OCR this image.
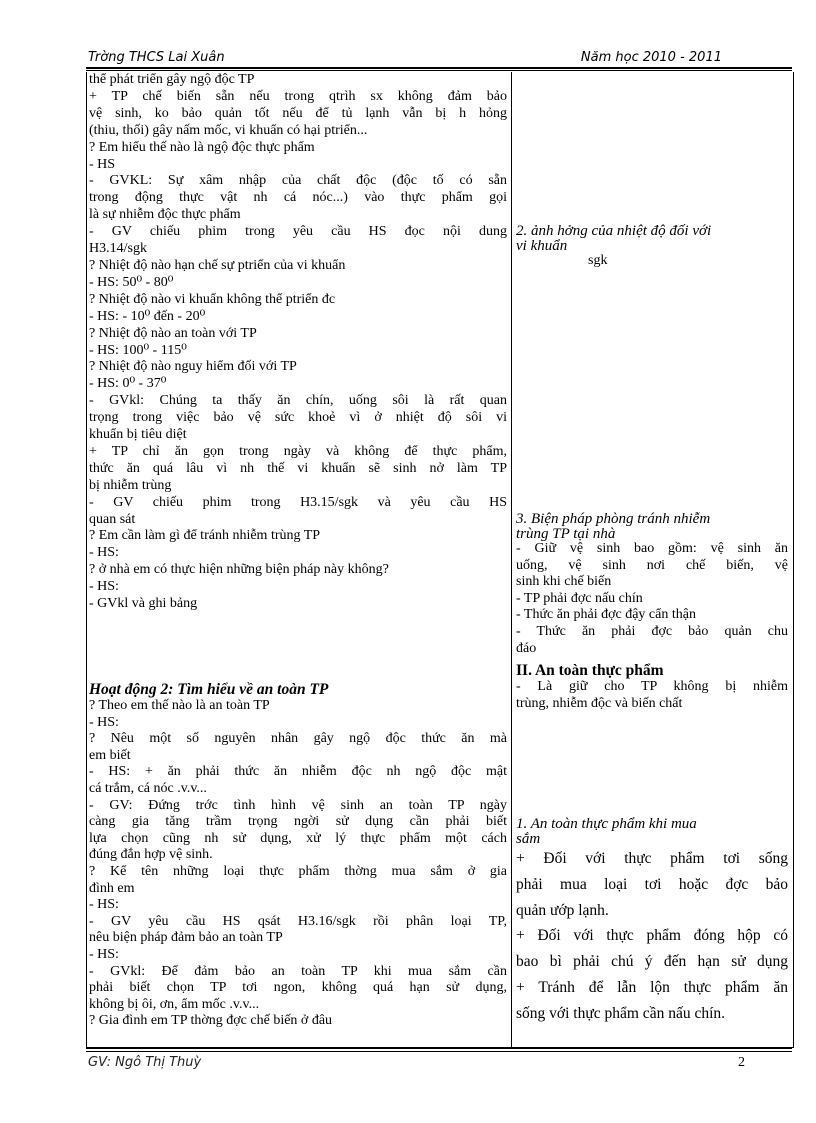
Trờng THCS Lai Xuân	Năm học 2010 - 2011
thể phát triển gây ngộ độc TP
+ TP chế biến sẵn nếu trong qtrìh sx không đảm bảo
vệ sinh, ko bảo quản tốt nếu để tủ lạnh vẫn bị h hỏng
(thiu, thối) gây nấm mốc, vi khuẩn có hại ptriển...
? Em hiểu thế nào là ngộ độc thực phẩm
- HS
- GVKL: Sự xâm nhập của chất độc (độc tố có sẵn
trong động thực vật nh cá nóc...) vào thực phẩm gọi
là sự nhiễm độc thực phẩm
- GV chiếu phim trong yêu cầu HS đọc nội dung
H3.14/sgk
? Nhiệt độ nào hạn chế sự ptriển của vi khuẩn
- HS: 50⁰ - 80⁰
? Nhiệt độ nào vi khuẩn không thể ptriển đc
- HS: - 10⁰ đến - 20⁰
? Nhiệt độ nào an toàn với TP
- HS: 100⁰ - 115⁰
? Nhiệt độ nào nguy hiểm đối với TP
- HS: 0⁰ - 37⁰
- GVkl: Chúng ta thấy ăn chín, uống sôi là rất quan
trọng trong việc bảo vệ sức khoẻ vì ở nhiệt độ sôi vi
khuẩn bị tiêu diệt
+ TP chỉ ăn gọn trong ngày và không để thực phẩm,
thức ăn quá lâu vì nh thế vi khuẩn sẽ sinh nở làm TP
bị nhiễm trùng
- GV chiếu phim trong H3.15/sgk và yêu cầu HS
quan sát
? Em cần làm gì để tránh nhiễm trùng TP
- HS:
? ở nhà em có thực hiện những biện pháp này không?
- HS:
- GVkl và ghi bảng
Hoạt động 2: Tìm hiểu về an toàn TP
? Theo em thế nào là an toàn TP
- HS:
? Nêu một số nguyên nhân gây ngộ độc thức ăn mà
em biết
- HS: + ăn phải thức ăn nhiễm độc nh ngộ độc mật
cá trắm, cá nóc .v.v...
- GV: Đứng trớc tình hình vệ sinh an toàn TP ngày
càng gia tăng trầm trọng ngời sử dụng cần phải biết
lựa chọn cũng nh sử dụng, xử lý thực phẩm một cách
đúng đắn hợp vệ sinh.
? Kể tên những loại thực phẩm thờng mua sắm ở gia
đình em
- HS:
- GV yêu cầu HS qsát H3.16/sgk rồi phân loại TP,
nêu biện pháp đảm bảo an toàn TP
- HS:
- GVkl: Để đảm bảo an toàn TP khi mua sắm cần
phải biết chọn TP tơi ngon, không quá hạn sử dụng,
không bị ôi, ơn, ẩm mốc .v.v...
? Gia đình em TP thờng đợc chế biến ở đâu
2. ảnh hởng của nhiệt độ đối với
vi khuẩn
sgk
3. Biện pháp phòng tránh nhiễm
trùng TP tại nhà
- Giữ vệ sinh bao gồm: vệ sinh ăn
uống, vệ sinh nơi chế biến, vệ
sinh khi chế biến
- TP phải đợc nấu chín
- Thức ăn phải đợc đậy cẩn thận
- Thức ăn phải đợc bảo quản chu
đáo
II. An toàn thực phẩm
- Là giữ cho TP không bị nhiễm
trùng, nhiễm độc và biến chất
1. An toàn thực phẩm khi mua
sắm
+ Đối với thực phẩm tơi sống
phải mua loại tơi hoặc đợc bảo
quản ướp lạnh.
+ Đối với thực phẩm đóng hộp có
bao bì phải chú ý đến hạn sử dụng
+ Tránh để lẫn lộn thực phẩm ăn
sống với thực phẩm cần nấu chín.
GV: Ngô Thị Thuỳ	2
